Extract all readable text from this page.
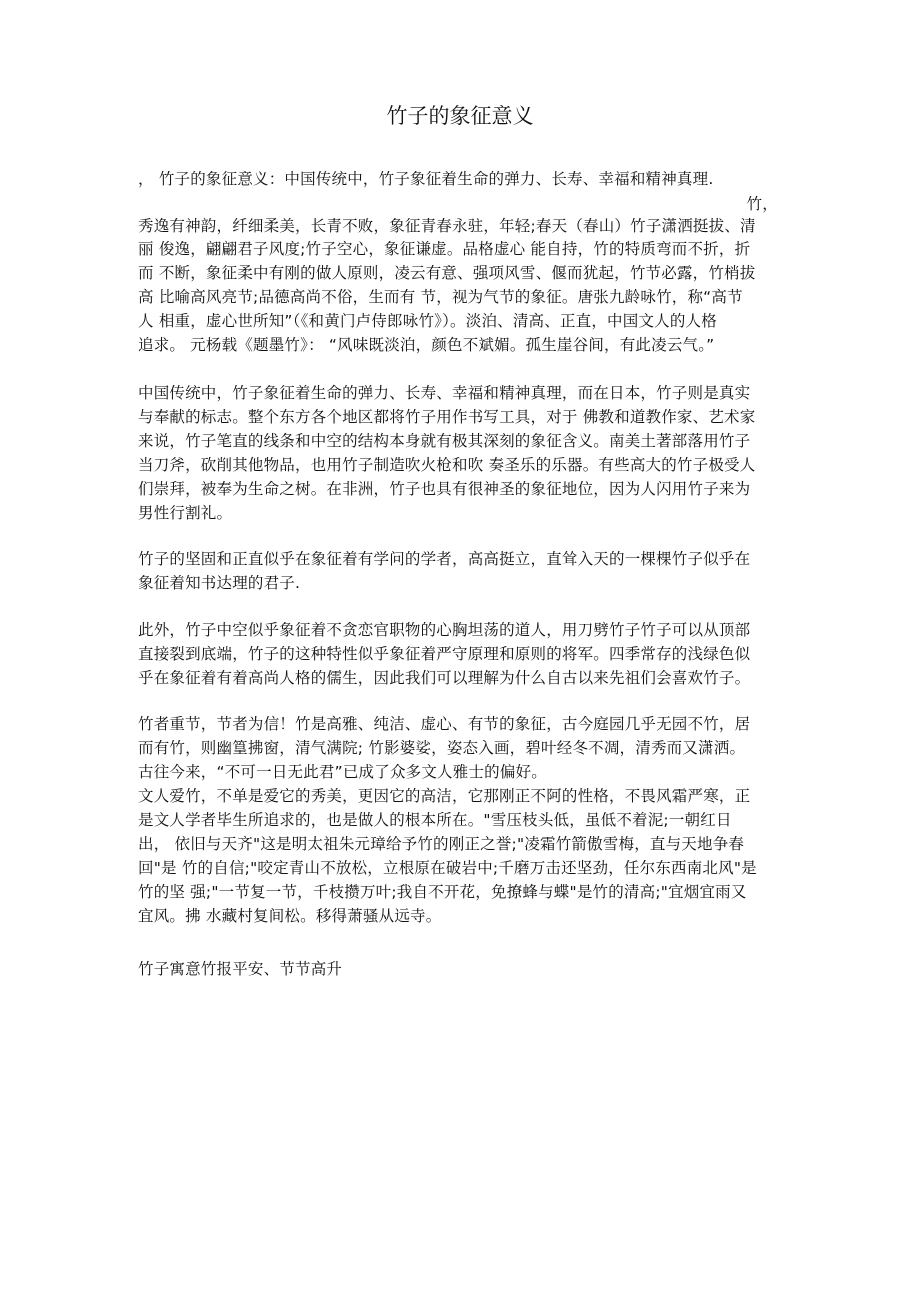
竹子的象征意义
， 竹子的象征意义：中国传统中，竹子象征着生命的弹力、长寿、幸福和精神真理.
竹，
秀逸有神韵，纤细柔美，长青不败，象征青春永驻，年轻;春天（春山）竹子潇洒挺拔、清
丽 俊逸，翩翩君子风度;竹子空心，象征谦虚。品格虚心 能自持，竹的特质弯而不折，折
而 不断，象征柔中有刚的做人原则，凌云有意、强项风雪、偃而犹起，竹节必露，竹梢拔
高 比喻高风亮节;品德高尚不俗，生而有 节，视为气节的象征。唐张九龄咏竹，称“高节
人 相重，虚心世所知”（《和黄门卢侍郎咏竹》）。淡泊、清高、正直，中国文人的人格
追求。 元杨载《题墨竹》： “风味既淡泊，颜色不斌媚。孤生崖谷间，有此凌云气。”
中国传统中，竹子象征着生命的弹力、长寿、幸福和精神真理，而在日本，竹子则是真实
与奉献的标志。整个东方各个地区都将竹子用作书写工具，对于 佛教和道教作家、艺术家
来说，竹子笔直的线条和中空的结构本身就有极其深刻的象征含义。南美土著部落用竹子
当刀斧，砍削其他物品，也用竹子制造吹火枪和吹 奏圣乐的乐器。有些高大的竹子极受人
们崇拜，被奉为生命之树。在非洲，竹子也具有很神圣的象征地位，因为人闪用竹子来为
男性行割礼。
竹子的坚固和正直似乎在象征着有学问的学者，高高挺立，直耸入天的一棵棵竹子似乎在
象征着知书达理的君子.
此外，竹子中空似乎象征着不贪恋官职物的心胸坦荡的道人，用刀劈竹子竹子可以从顶部
直接裂到底端，竹子的这种特性似乎象征着严守原理和原则的将军。四季常存的浅绿色似
乎在象征着有着高尚人格的儒生，因此我们可以理解为什么自古以来先祖们会喜欢竹子。
竹者重节，节者为信！竹是高雅、纯洁、虚心、有节的象征，古今庭园几乎无园不竹，居
而有竹，则幽篁拂窗，清气满院; 竹影婆娑，姿态入画，碧叶经冬不凋，清秀而又潇洒。
古往今来，“不可一日无此君”已成了众多文人雅士的偏好。
文人爱竹，不单是爱它的秀美，更因它的高洁，它那刚正不阿的性格，不畏风霜严寒，正
是文人学者毕生所追求的，也是做人的根本所在。"雪压枝头低，虽低不着泥;一朝红日
出， 依旧与天齐"这是明太祖朱元璋给予竹的刚正之誉;"凌霜竹箭傲雪梅，直与天地争春
回"是 竹的自信;"咬定青山不放松，立根原在破岩中;千磨万击还坚劲，任尔东西南北风"是
竹的坚 强;"一节复一节，千枝攒万叶;我自不开花，免撩蜂与蝶"是竹的清高;"宜烟宜雨又
宜风。拂 水藏村复间松。移得萧骚从远寺。
竹子寓意竹报平安、节节高升
